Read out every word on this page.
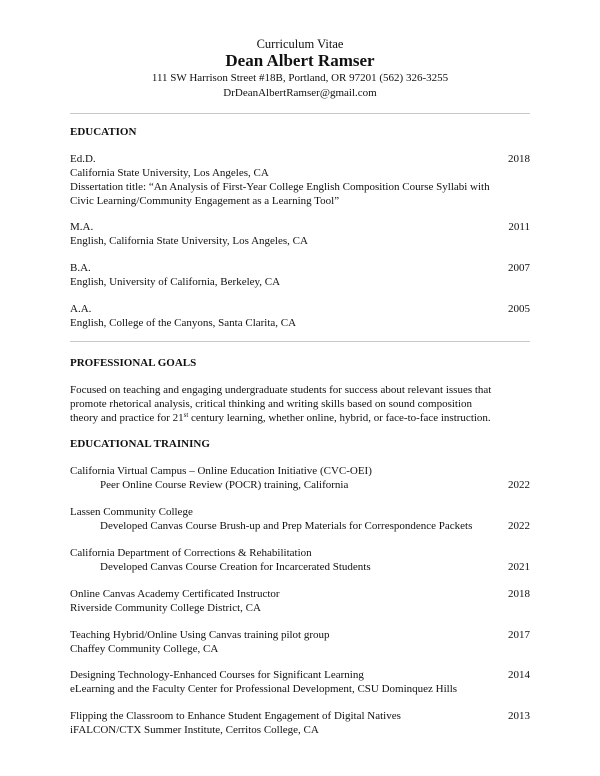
Curriculum Vitae
Dean Albert Ramser
111 SW Harrison Street #18B, Portland, OR 97201 (562) 326-3255
DrDeanAlbertRamser@gmail.com
EDUCATION
Ed.D.	2018
California State University, Los Angeles, CA
Dissertation title: “An Analysis of First-Year College English Composition Course Syllabi with
Civic Learning/Community Engagement as a Learning Tool”
M.A.	2011
English, California State University, Los Angeles, CA
B.A.	2007
English, University of California, Berkeley, CA
A.A.	2005
English, College of the Canyons, Santa Clarita, CA
PROFESSIONAL GOALS
Focused on teaching and engaging undergraduate students for success about relevant issues that
promote rhetorical analysis, critical thinking and writing skills based on sound composition
theory and practice for 21st century learning, whether online, hybrid, or face-to-face instruction.
EDUCATIONAL TRAINING
California Virtual Campus – Online Education Initiative (CVC-OEI)
Peer Online Course Review (POCR) training, California	2022
Lassen Community College
Developed Canvas Course Brush-up and Prep Materials for Correspondence Packets	2022
California Department of Corrections & Rehabilitation
Developed Canvas Course Creation for Incarcerated Students	2021
Online Canvas Academy Certificated Instructor	2018
Riverside Community College District, CA
Teaching Hybrid/Online Using Canvas training pilot group	2017
Chaffey Community College, CA
Designing Technology-Enhanced Courses for Significant Learning	2014
eLearning and the Faculty Center for Professional Development, CSU Dominquez Hills
Flipping the Classroom to Enhance Student Engagement of Digital Natives	2013
iFALCON/CTX Summer Institute, Cerritos College, CA
